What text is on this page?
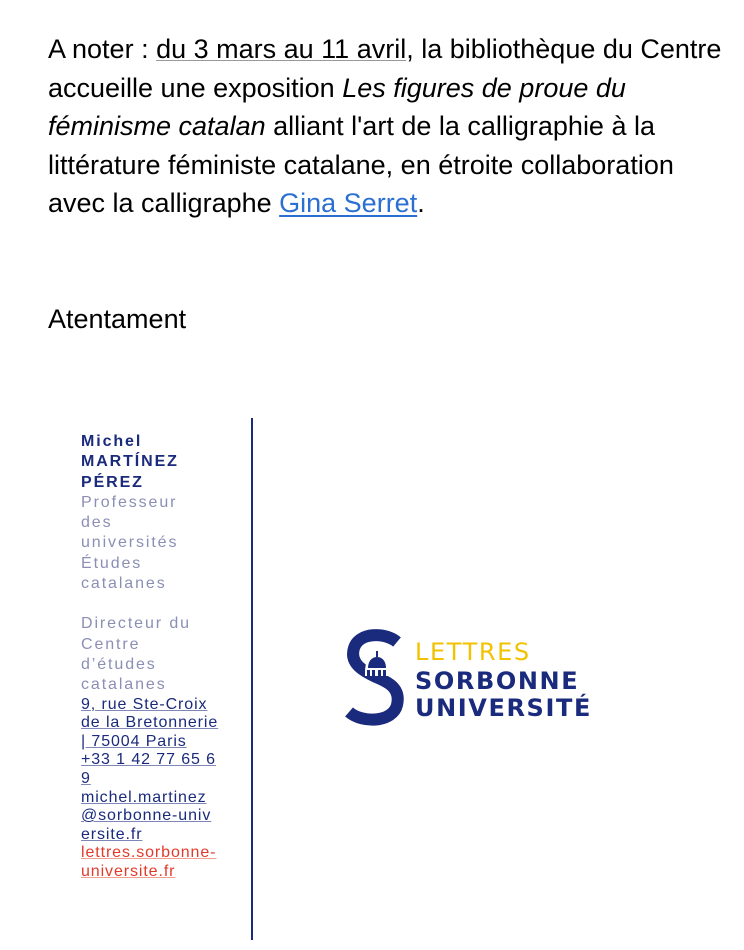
A noter : du 3 mars au 11 avril, la bibliothèque du Centre accueille une exposition Les figures de proue du féminisme catalan alliant l'art de la calligraphie à la littérature féministe catalane, en étroite collaboration avec la calligraphe Gina Serret.

Atentament

Michel
MARTÍNEZ
PÉREZ
Professeur
des
universités
Études
catalanes
Directeur du
Centre
d’études
catalanes
9, rue Ste-Croix de la Bretonnerie | 75004 Paris
+33 1 42 77 65 69
michel.martinez@sorbonne-universite.fr
lettres.sorbonne-universite.fr
LETTRES
SORBONNE
UNIVERSITÉ
